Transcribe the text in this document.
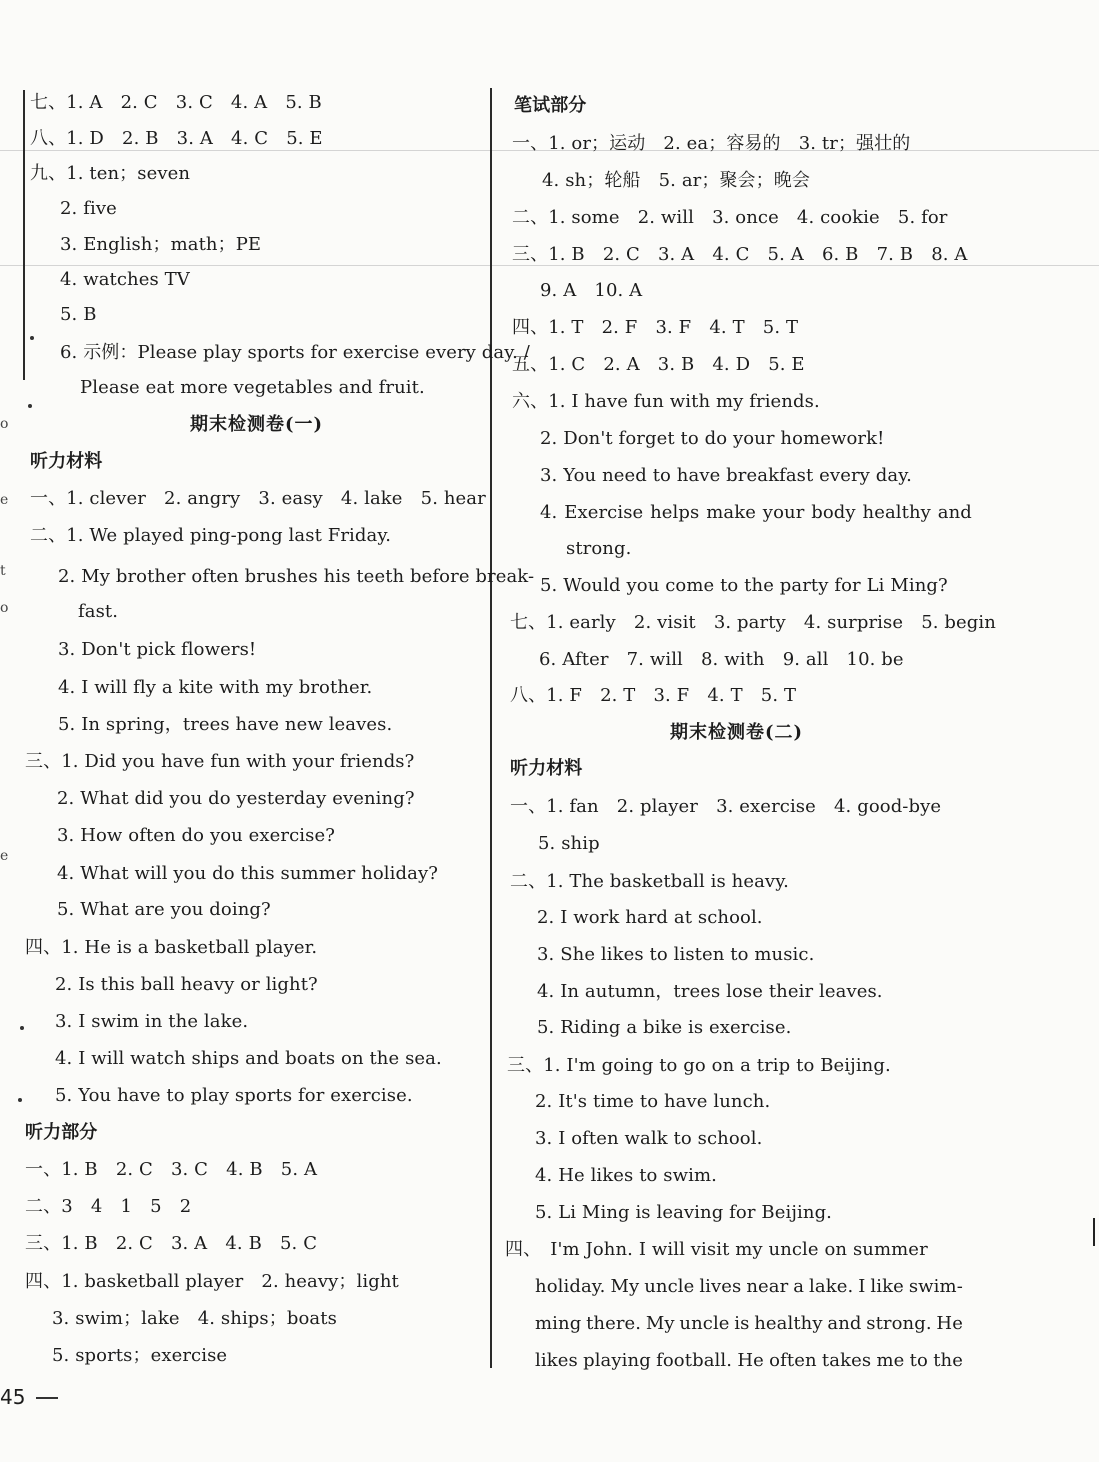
o
e
t
o
e
七、1. A　2. C　3. C　4. A　5. B
八、1. D　2. B　3. A　4. C　5. E
九、1. ten；seven
2. five
3. English；math；PE
4. watches TV
5. B
6. 示例：Please play sports for exercise every day. /
Please eat more vegetables and fruit.
期末检测卷(一)
听力材料
一、1. clever　2. angry　3. easy　4. lake　5. hear
二、1. We played ping-pong last Friday.
2. My brother often brushes his teeth before break-
fast.
3. Don't pick flowers!
4. I will fly a kite with my brother.
5. In spring，trees have new leaves.
三、1. Did you have fun with your friends?
2. What did you do yesterday evening?
3. How often do you exercise?
4. What will you do this summer holiday?
5. What are you doing?
四、1. He is a basketball player.
2. Is this ball heavy or light?
3. I swim in the lake.
4. I will watch ships and boats on the sea.
5. You have to play sports for exercise.
听力部分
一、1. B　2. C　3. C　4. B　5. A
二、3　4　1　5　2
三、1. B　2. C　3. A　4. B　5. C
四、1. basketball player　2. heavy；light
3. swim；lake　4. ships；boats
5. sports；exercise
笔试部分
一、1. or；运动　2. ea；容易的　3. tr；强壮的
4. sh；轮船　5. ar；聚会；晚会
二、1. some　2. will　3. once　4. cookie　5. for
三、1. B　2. C　3. A　4. C　5. A　6. B　7. B　8. A
9. A　10. A
四、1. T　2. F　3. F　4. T　5. T
五、1. C　2. A　3. B　4. D　5. E
六、1. I have fun with my friends.
2. Don't forget to do your homework!
3. You need to have breakfast every day.
4. Exercise helps make your body healthy and
strong.
5. Would you come to the party for Li Ming?
七、1. early　2. visit　3. party　4. surprise　5. begin
6. After　7. will　8. with　9. all　10. be
八、1. F　2. T　3. F　4. T　5. T
期末检测卷(二)
听力材料
一、1. fan　2. player　3. exercise　4. good-bye
5. ship
二、1. The basketball is heavy.
2. I work hard at school.
3. She likes to listen to music.
4. In autumn，trees lose their leaves.
5. Riding a bike is exercise.
三、1. I'm going to go on a trip to Beijing.
2. It's time to have lunch.
3. I often walk to school.
4. He likes to swim.
5. Li Ming is leaving for Beijing.
四、　I'm John. I will visit my uncle on summer
holiday. My uncle lives near a lake. I like swim-
ming there. My uncle is healthy and strong. He
likes playing football. He often takes me to the
45
